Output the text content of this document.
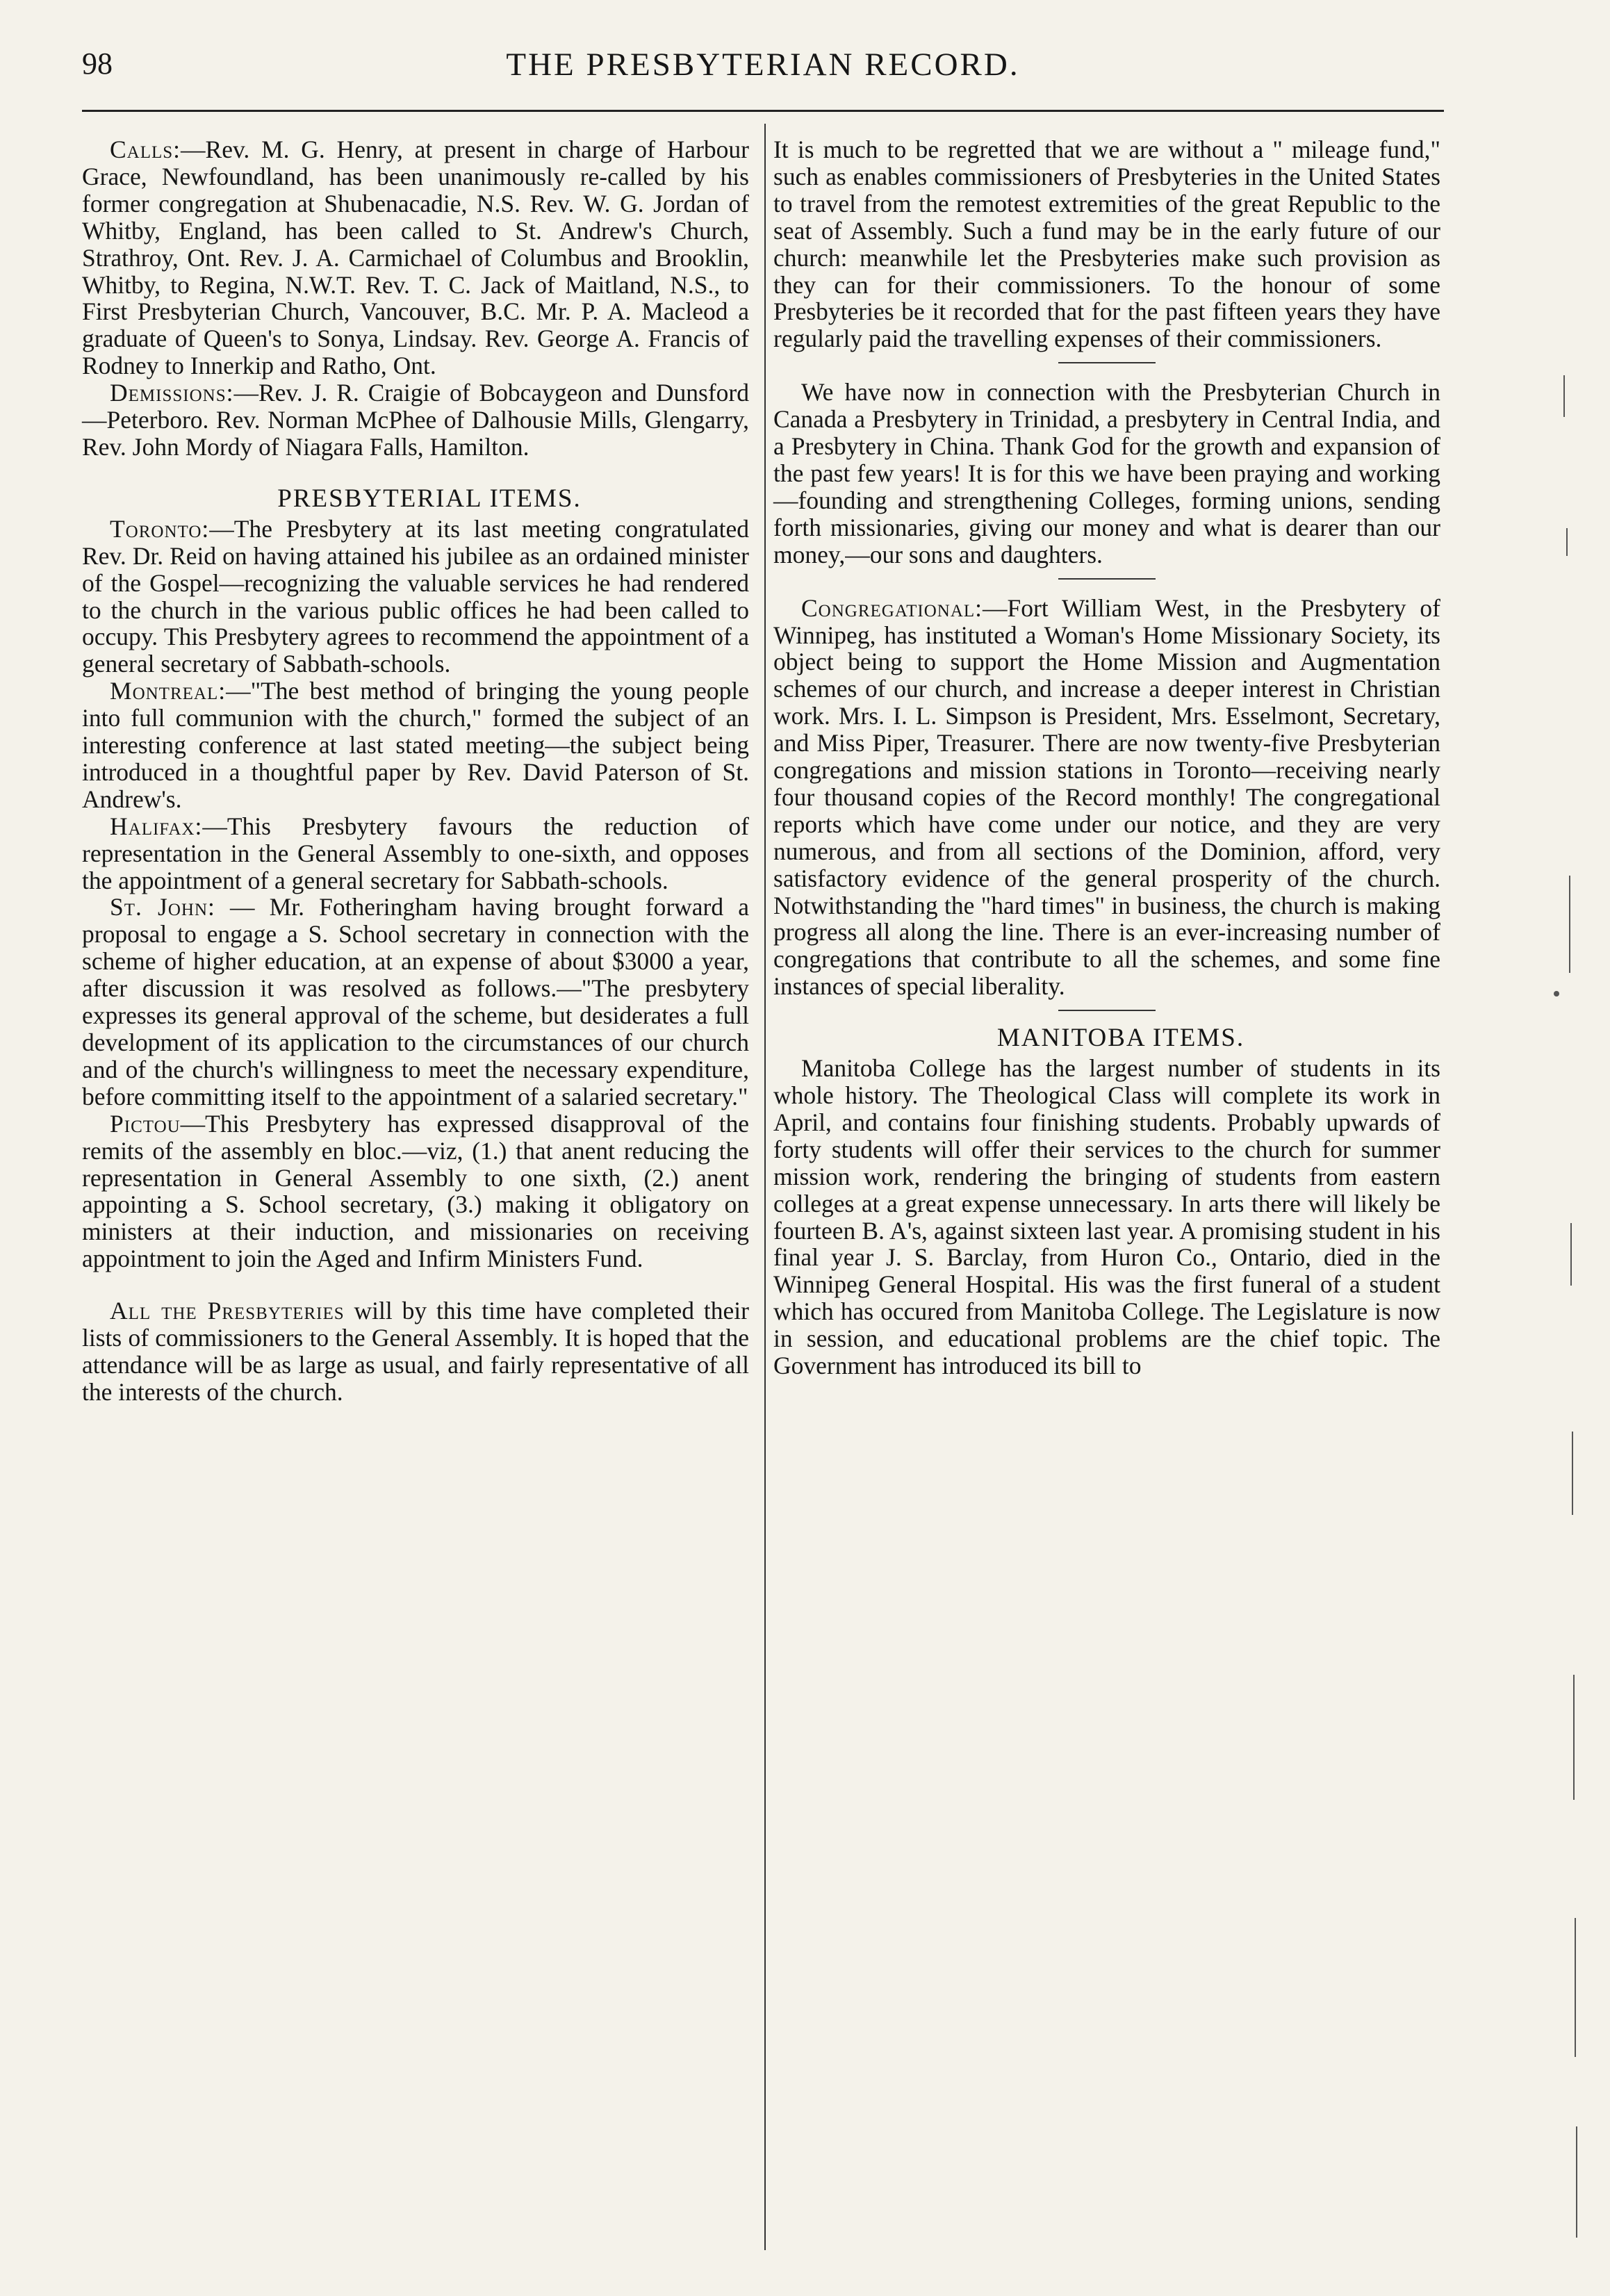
98	THE PRESBYTERIAN RECORD.

Calls:—Rev. M. G. Henry, at present in charge of Harbour Grace, Newfoundland, has been unanimously re-called by his former congregation at Shubenacadie, N.S. Rev. W. G. Jordan of Whitby, England, has been called to St. Andrew's Church, Strathroy, Ont. Rev. J. A. Carmichael of Columbus and Brooklin, Whitby, to Regina, N.W.T. Rev. T. C. Jack of Maitland, N.S., to First Presbyterian Church, Vancouver, B.C. Mr. P. A. Macleod a graduate of Queen's to Sonya, Lindsay. Rev. George A. Francis of Rodney to Innerkip and Ratho, Ont.

Demissions:—Rev. J. R. Craigie of Bobcaygeon and Dunsford—Peterboro. Rev. Norman McPhee of Dalhousie Mills, Glengarry, Rev. John Mordy of Niagara Falls, Hamilton.

PRESBYTERIAL ITEMS.

Toronto:—The Presbytery at its last meeting congratulated Rev. Dr. Reid on having attained his jubilee as an ordained minister of the Gospel—recognizing the valuable services he had rendered to the church in the various public offices he had been called to occupy. This Presbytery agrees to recommend the appointment of a general secretary of Sabbath-schools.

Montreal:—"The best method of bringing the young people into full communion with the church," formed the subject of an interesting conference at last stated meeting—the subject being introduced in a thoughtful paper by Rev. David Paterson of St. Andrew's.

Halifax:—This Presbytery favours the reduction of representation in the General Assembly to one-sixth, and opposes the appointment of a general secretary for Sabbath-schools.

St. John: — Mr. Fotheringham having brought forward a proposal to engage a S. School secretary in connection with the scheme of higher education, at an expense of about $3000 a year, after discussion it was resolved as follows.—"The presbytery expresses its general approval of the scheme, but desiderates a full development of its application to the circumstances of our church and of the church's willingness to meet the necessary expenditure, before committing itself to the appointment of a salaried secretary."

Pictou—This Presbytery has expressed disapproval of the remits of the assembly en bloc.—viz, (1.) that anent reducing the representation in General Assembly to one sixth, (2.) anent appointing a S. School secretary, (3.) making it obligatory on ministers at their induction, and missionaries on receiving appointment to join the Aged and Infirm Ministers Fund.

All the Presbyteries will by this time have completed their lists of commissioners to the General Assembly. It is hoped that the attendance will be as large as usual, and fairly representative of all the interests of the church.

It is much to be regretted that we are without a " mileage fund," such as enables commissioners of Presbyteries in the United States to travel from the remotest extremities of the great Republic to the seat of Assembly. Such a fund may be in the early future of our church: meanwhile let the Presbyteries make such provision as they can for their commissioners. To the honour of some Presbyteries be it recorded that for the past fifteen years they have regularly paid the travelling expenses of their commissioners.

We have now in connection with the Presbyterian Church in Canada a Presbytery in Trinidad, a presbytery in Central India, and a Presbytery in China. Thank God for the growth and expansion of the past few years! It is for this we have been praying and working—founding and strengthening Colleges, forming unions, sending forth missionaries, giving our money and what is dearer than our money,—our sons and daughters.

Congregational:—Fort William West, in the Presbytery of Winnipeg, has instituted a Woman's Home Missionary Society, its object being to support the Home Mission and Augmentation schemes of our church, and increase a deeper interest in Christian work. Mrs. I. L. Simpson is President, Mrs. Esselmont, Secretary, and Miss Piper, Treasurer. There are now twenty-five Presbyterian congregations and mission stations in Toronto—receiving nearly four thousand copies of the Record monthly! The congregational reports which have come under our notice, and they are very numerous, and from all sections of the Dominion, afford, very satisfactory evidence of the general prosperity of the church. Notwithstanding the "hard times" in business, the church is making progress all along the line. There is an ever-increasing number of congregations that contribute to all the schemes, and some fine instances of special liberality.

MANITOBA ITEMS.

Manitoba College has the largest number of students in its whole history. The Theological Class will complete its work in April, and contains four finishing students. Probably upwards of forty students will offer their services to the church for summer mission work, rendering the bringing of students from eastern colleges at a great expense unnecessary. In arts there will likely be fourteen B. A's, against sixteen last year. A promising student in his final year J. S. Barclay, from Huron Co., Ontario, died in the Winnipeg General Hospital. His was the first funeral of a student which has occured from Manitoba College. The Legislature is now in session, and educational problems are the chief topic. The Government has introduced its bill to
